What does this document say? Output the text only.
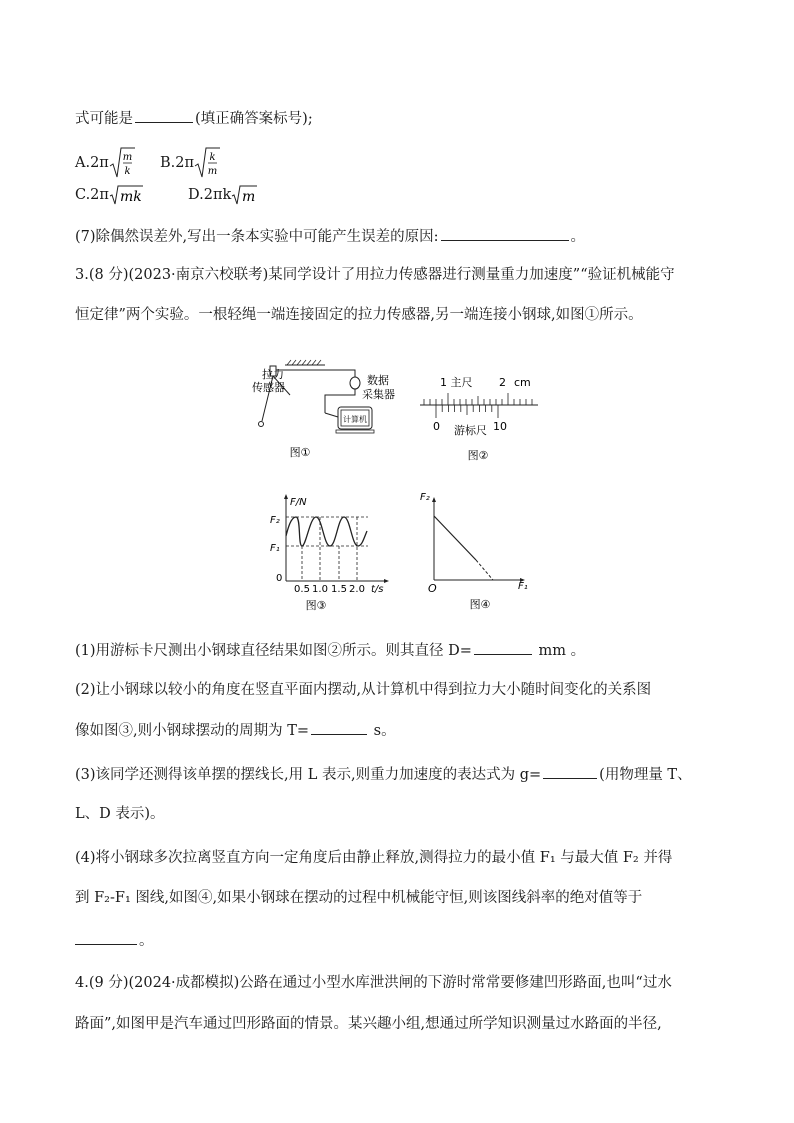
式可能是	(填正确答案标号);
A.2π m
k
B.2π k
m
C.2π mk	D.2πk m
(7)除偶然误差外,写出一条本实验中可能产生误差的原因:	。
3.(8 分)(2023·南京六校联考)某同学设计了用拉力传感器进行测量重力加速度”“验证机械能守
恒定律”两个实验。一根轻绳一端连接固定的拉力传感器,另一端连接小钢球,如图①所示。
拉力
传感器
数据
采集器
计算机
图①
1 主尺 2 cm
0 游标尺 10
图②
F/N
F₂
F₁
0
0.5 1.0 1.5 2.0 t/s
图③
F₂
O	F₁
图④
(1)用游标卡尺测出小钢球直径结果如图②所示。则其直径 D=	mm 。
(2)让小钢球以较小的角度在竖直平面内摆动,从计算机中得到拉力大小随时间变化的关系图
像如图③,则小钢球摆动的周期为 T=	s。
(3)该同学还测得该单摆的摆线长,用 L 表示,则重力加速度的表达式为 g=	(用物理量 T、
L、D 表示)。
(4)将小钢球多次拉离竖直方向一定角度后由静止释放,测得拉力的最小值 F₁ 与最大值 F₂ 并得
到 F₂-F₁ 图线,如图④,如果小钢球在摆动的过程中机械能守恒,则该图线斜率的绝对值等于
。
4.(9 分)(2024·成都模拟)公路在通过小型水库泄洪闸的下游时常常要修建凹形路面,也叫“过水
路面”,如图甲是汽车通过凹形路面的情景。某兴趣小组,想通过所学知识测量过水路面的半径,
